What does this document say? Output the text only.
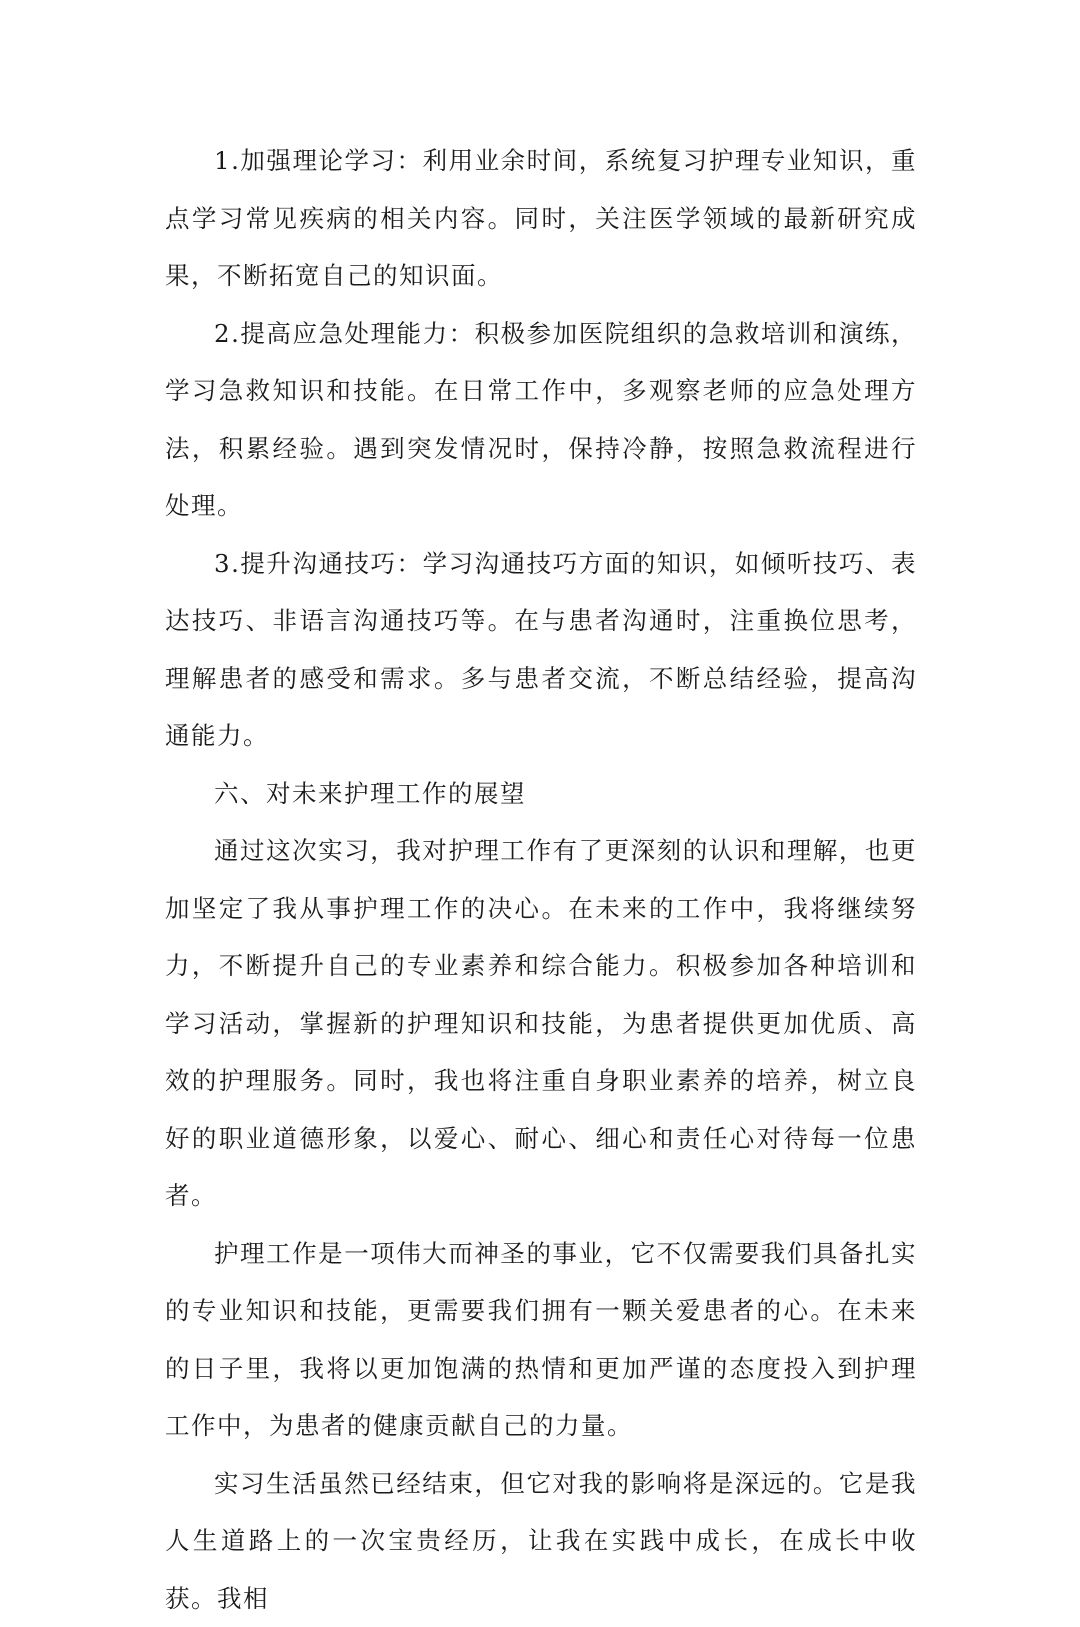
1.加强理论学习：利用业余时间，系统复习护理专业知识，重点学习常见疾病的相关内容。同时，关注医学领域的最新研究成果，不断拓宽自己的知识面。

2.提高应急处理能力：积极参加医院组织的急救培训和演练，学习急救知识和技能。在日常工作中，多观察老师的应急处理方法，积累经验。遇到突发情况时，保持冷静，按照急救流程进行处理。

3.提升沟通技巧：学习沟通技巧方面的知识，如倾听技巧、表达技巧、非语言沟通技巧等。在与患者沟通时，注重换位思考，理解患者的感受和需求。多与患者交流，不断总结经验，提高沟通能力。

六、对未来护理工作的展望

通过这次实习，我对护理工作有了更深刻的认识和理解，也更加坚定了我从事护理工作的决心。在未来的工作中，我将继续努力，不断提升自己的专业素养和综合能力。积极参加各种培训和学习活动，掌握新的护理知识和技能，为患者提供更加优质、高效的护理服务。同时，我也将注重自身职业素养的培养，树立良好的职业道德形象，以爱心、耐心、细心和责任心对待每一位患者。

护理工作是一项伟大而神圣的事业，它不仅需要我们具备扎实的专业知识和技能，更需要我们拥有一颗关爱患者的心。在未来的日子里，我将以更加饱满的热情和更加严谨的态度投入到护理工作中，为患者的健康贡献自己的力量。

实习生活虽然已经结束，但它对我的影响将是深远的。它是我人生道路上的一次宝贵经历，让我在实践中成长，在成长中收获。我相
